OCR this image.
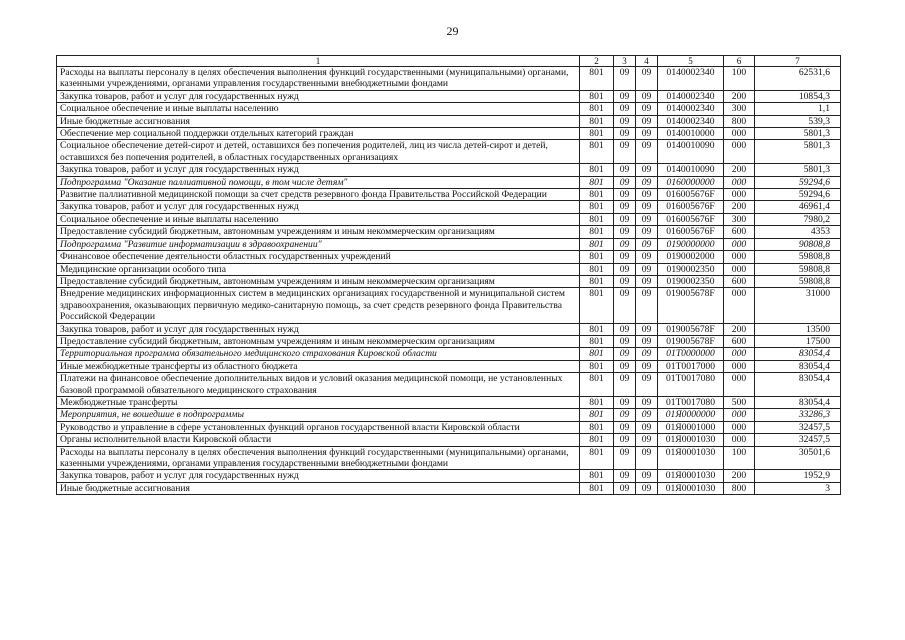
29
1	2	3	4	5	6	7
Расходы на выплаты персоналу в целях обеспечения выполнения функций государственными (муниципальными) органами, казенными учреждениями, органами управления государственными внебюджетными фондами	801	09	09	0140002340	100	62531,6
Закупка товаров, работ и услуг для государственных нужд	801	09	09	0140002340	200	10854,3
Социальное обеспечение и иные выплаты населению	801	09	09	0140002340	300	1,1
Иные бюджетные ассигнования	801	09	09	0140002340	800	539,3
Обеспечение мер социальной поддержки отдельных категорий граждан	801	09	09	0140010000	000	5801,3
Социальное обеспечение детей-сирот и детей, оставшихся без попечения родителей, лиц из числа детей-сирот и детей, оставшихся без попечения родителей, в областных государственных организациях	801	09	09	0140010090	000	5801,3
Закупка товаров, работ и услуг для государственных нужд	801	09	09	0140010090	200	5801,3
Подпрограмма "Оказание паллиативной помощи, в том числе детям"	801	09	09	0160000000	000	59294,6
Развитие паллиативной медицинской помощи за счет средств резервного фонда Правительства Российской Федерации	801	09	09	016005676F	000	59294,6
Закупка товаров, работ и услуг для государственных нужд	801	09	09	016005676F	200	46961,4
Социальное обеспечение и иные выплаты населению	801	09	09	016005676F	300	7980,2
Предоставление субсидий бюджетным, автономным учреждениям и иным некоммерческим организациям	801	09	09	016005676F	600	4353
Подпрограмма "Развитие информатизации в здравоохранении"	801	09	09	0190000000	000	90808,8
Финансовое обеспечение деятельности областных государственных учреждений	801	09	09	0190002000	000	59808,8
Медицинские организации особого типа	801	09	09	0190002350	000	59808,8
Предоставление субсидий бюджетным, автономным учреждениям и иным некоммерческим организациям	801	09	09	0190002350	600	59808,8
Внедрение медицинских информационных систем в медицинских организациях государственной и муниципальной систем здравоохранения, оказывающих первичную медико-санитарную помощь, за счет средств резервного фонда Правительства Российской Федерации	801	09	09	019005678F	000	31000
Закупка товаров, работ и услуг для государственных нужд	801	09	09	019005678F	200	13500
Предоставление субсидий бюджетным, автономным учреждениям и иным некоммерческим организациям	801	09	09	019005678F	600	17500
Территориальная программа обязательного медицинского страхования Кировской области	801	09	09	01Т0000000	000	83054,4
Иные межбюджетные трансферты из областного бюджета	801	09	09	01Т0017000	000	83054,4
Платежи на финансовое обеспечение дополнительных видов и условий оказания медицинской помощи, не установленных базовой программой обязательного медицинского страхования	801	09	09	01Т0017080	000	83054,4
Межбюджетные трансферты	801	09	09	01Т0017080	500	83054,4
Мероприятия, не вошедшие в подпрограммы	801	09	09	01Я0000000	000	33286,3
Руководство и управление в сфере установленных функций органов государственной власти Кировской области	801	09	09	01Я0001000	000	32457,5
Органы исполнительной власти Кировской области	801	09	09	01Я0001030	000	32457,5
Расходы на выплаты персоналу в целях обеспечения выполнения функций государственными (муниципальными) органами, казенными учреждениями, органами управления государственными внебюджетными фондами	801	09	09	01Я0001030	100	30501,6
Закупка товаров, работ и услуг для государственных нужд	801	09	09	01Я0001030	200	1952,9
Иные бюджетные ассигнования	801	09	09	01Я0001030	800	3
